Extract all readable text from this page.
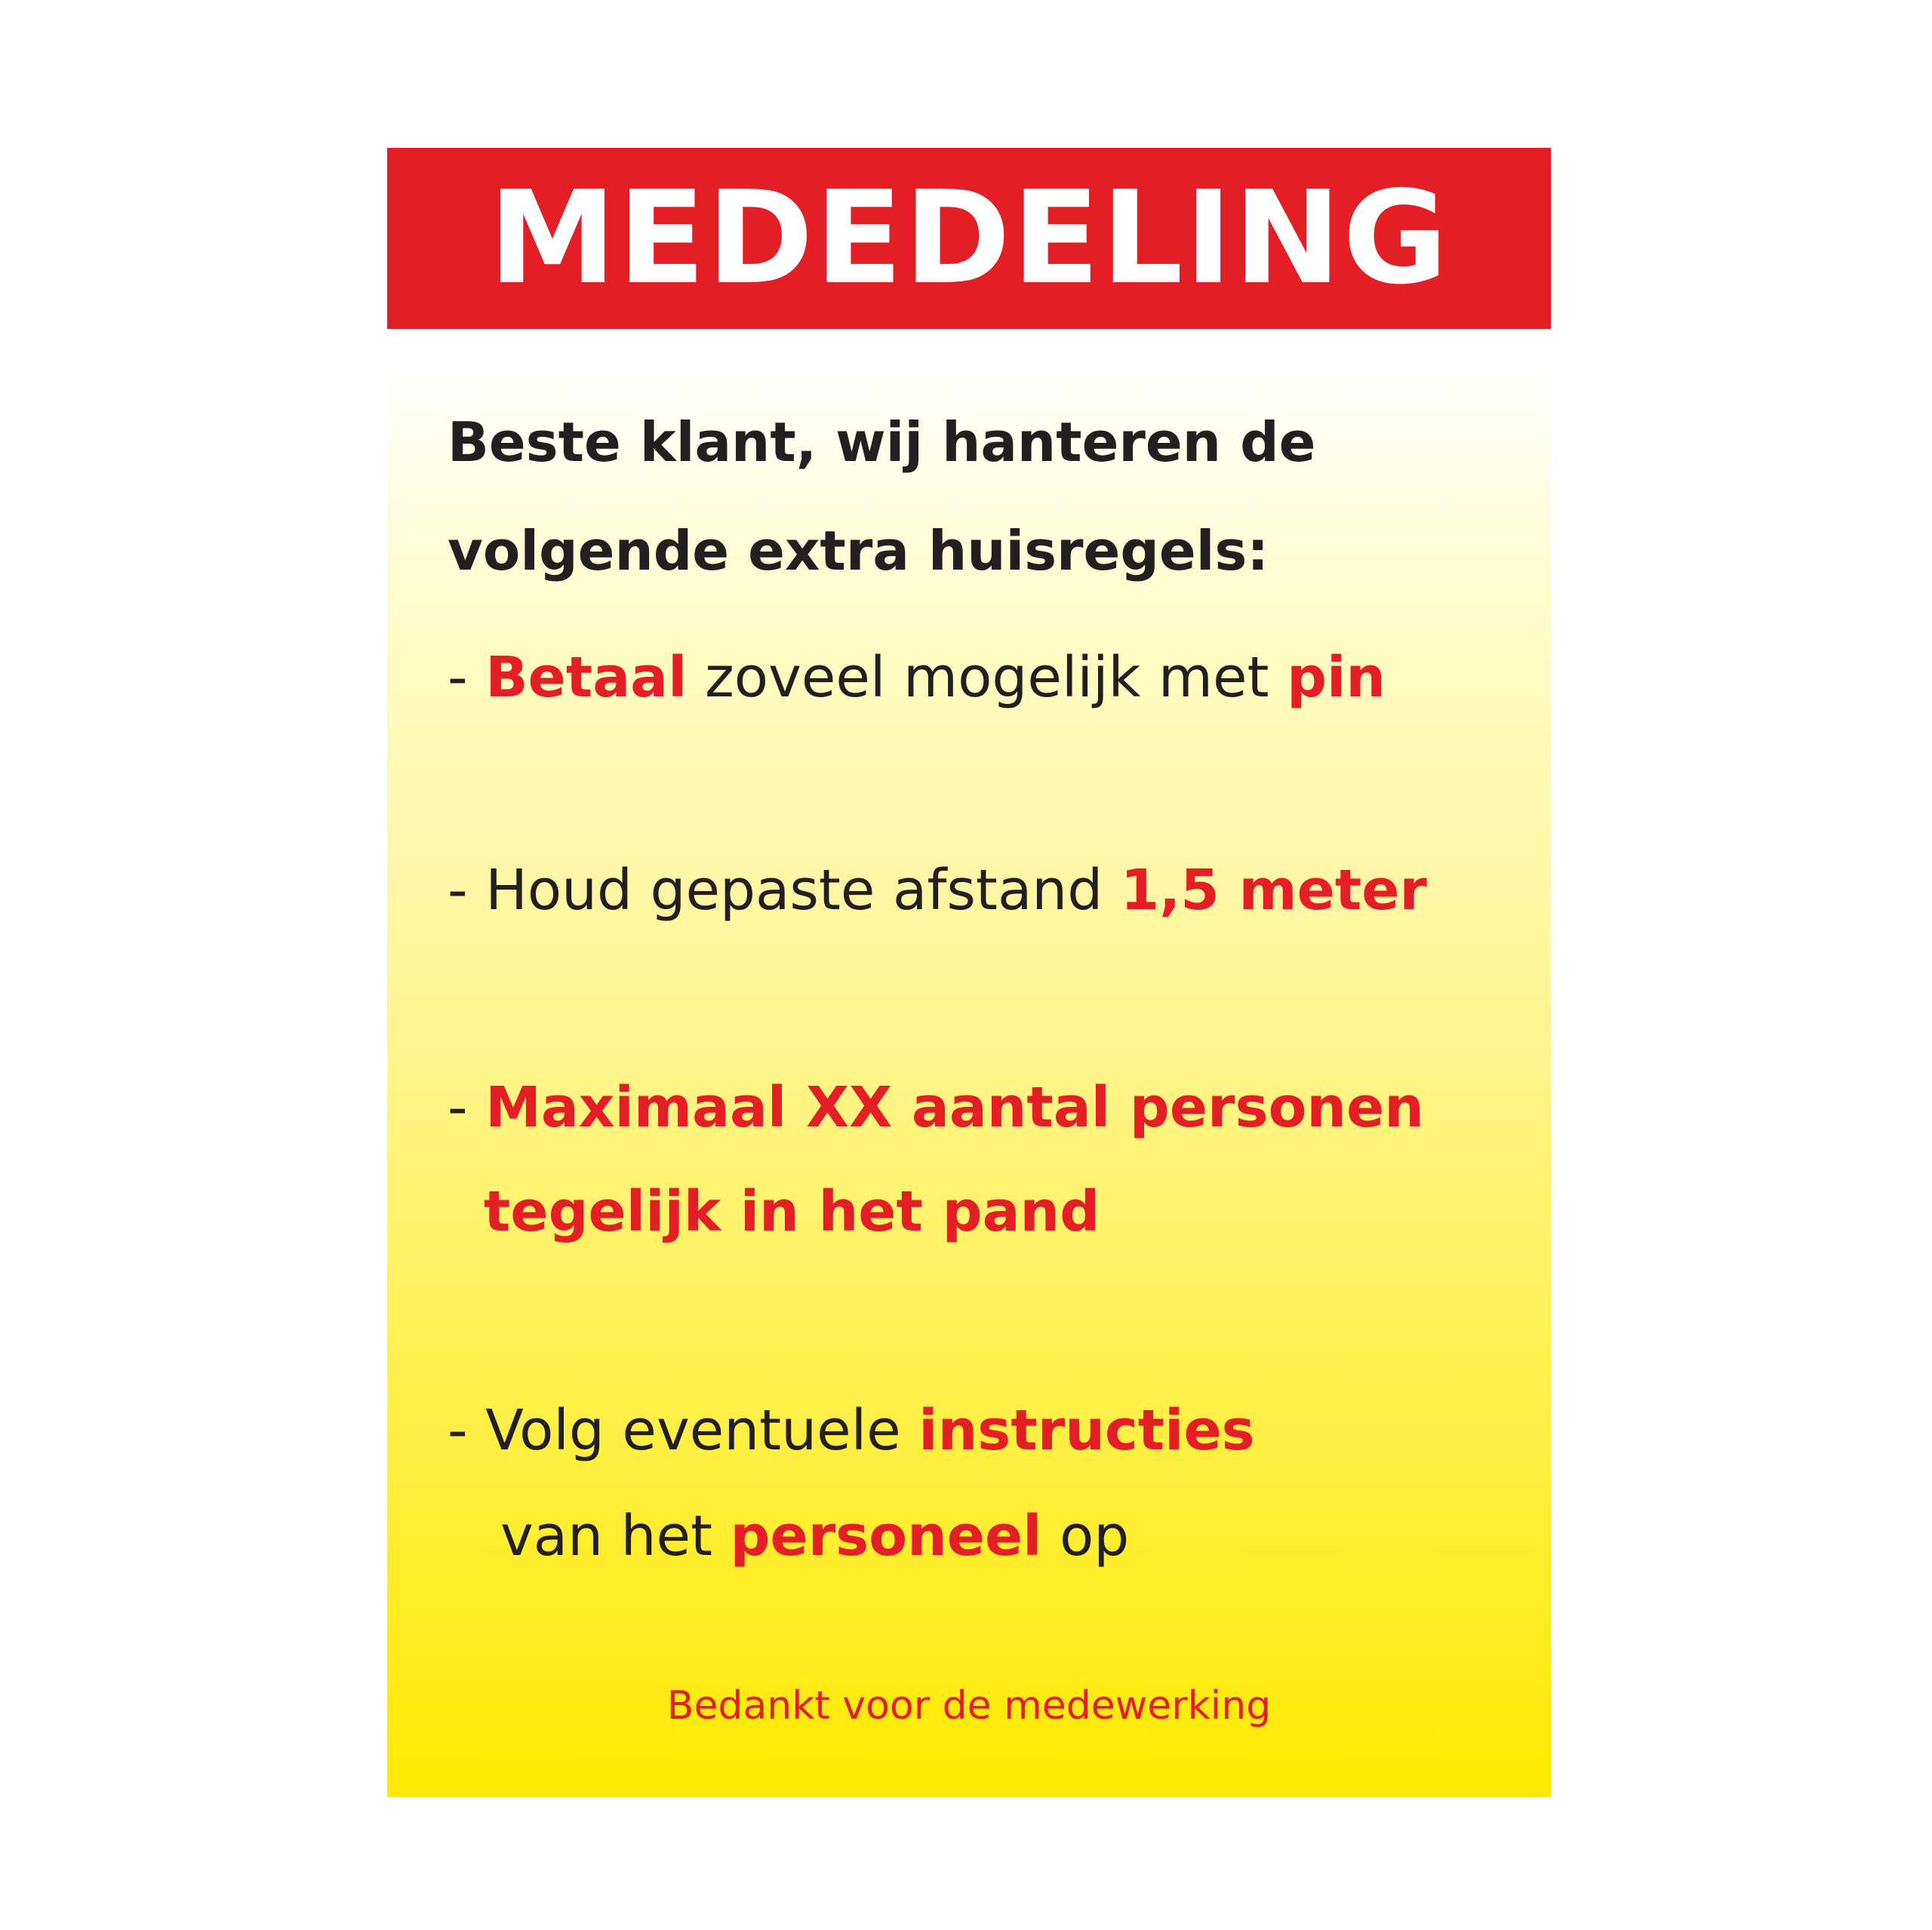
MEDEDELING
Beste klant, wij hanteren de
volgende extra huisregels:
- Betaal zoveel mogelijk met pin
- Houd gepaste afstand 1,5 meter
- Maximaal XX aantal personen
tegelijk in het pand
- Volg eventuele instructies
van het personeel op
Bedankt voor de medewerking
